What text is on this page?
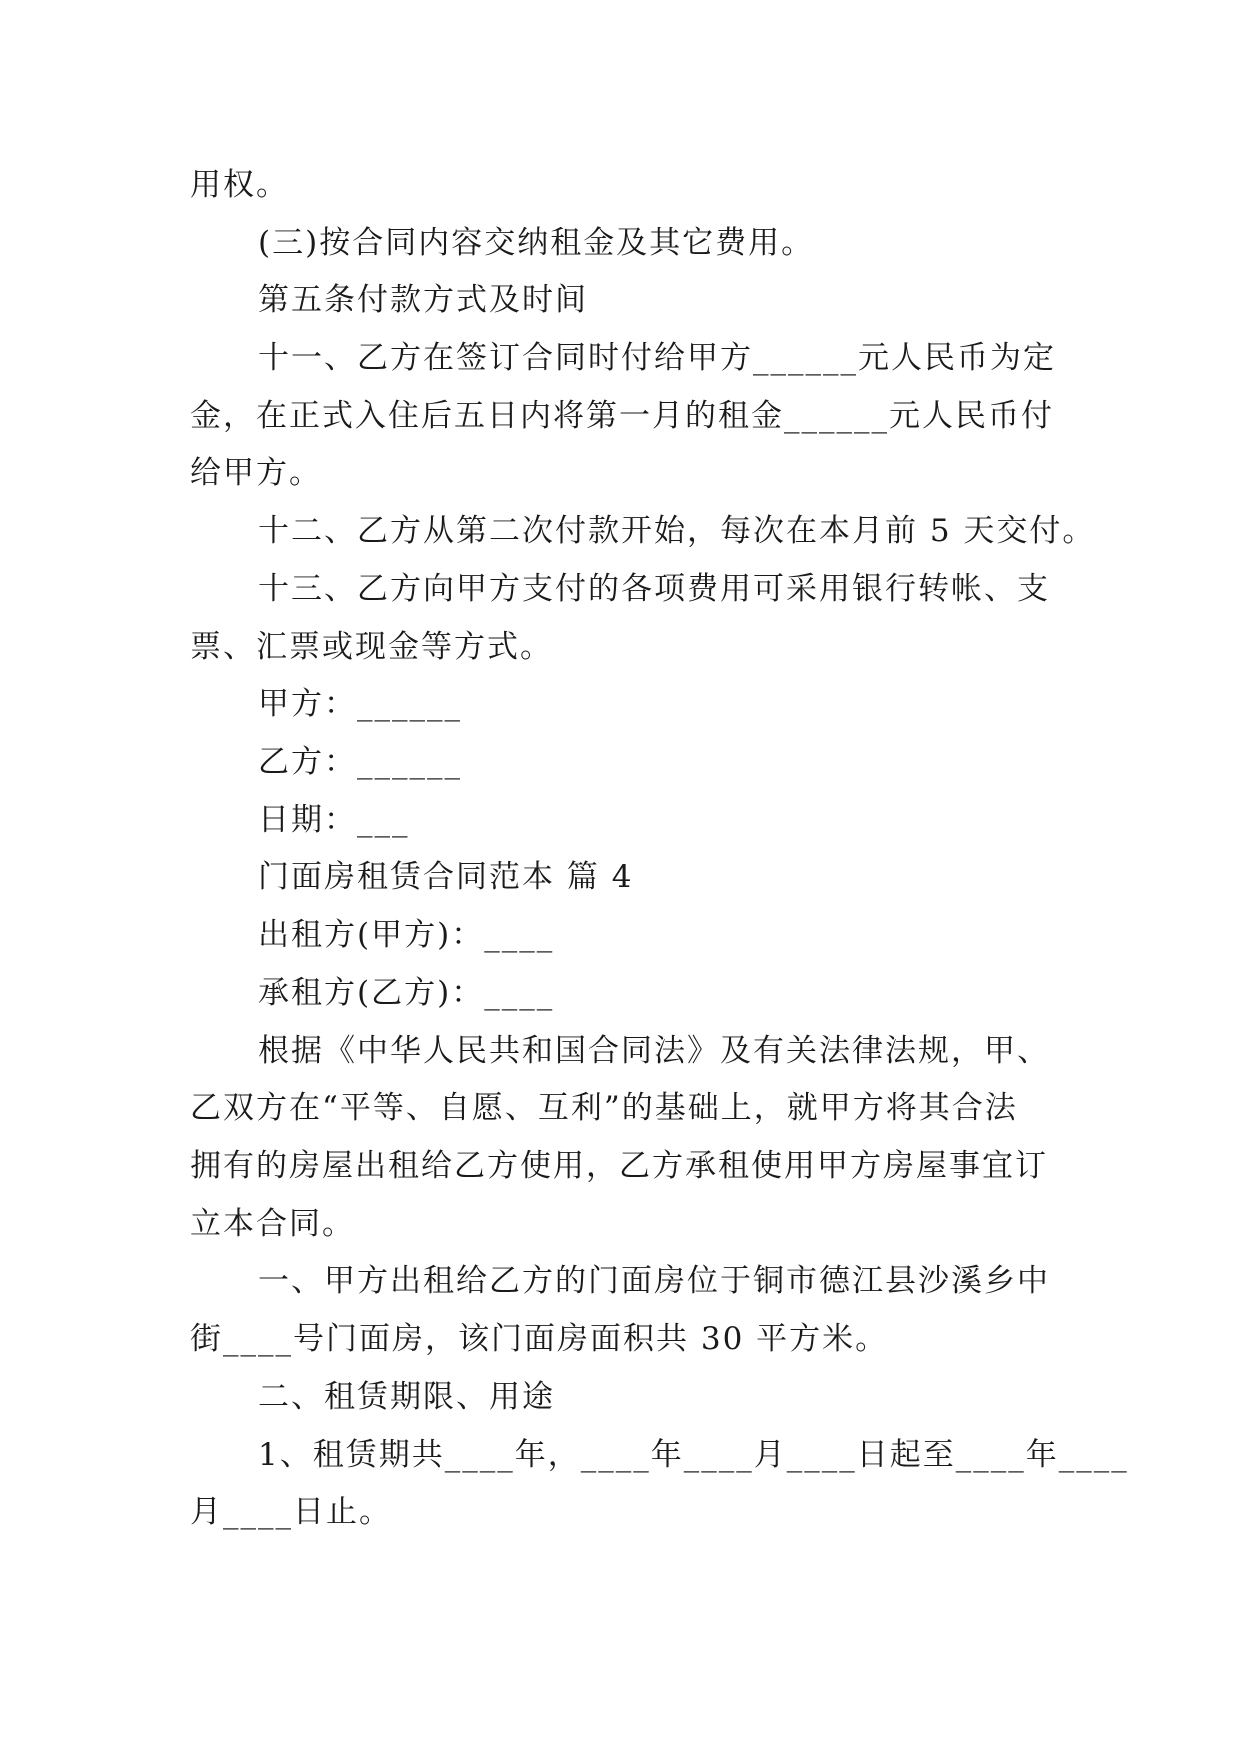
用权。
(三)按合同内容交纳租金及其它费用。
第五条付款方式及时间
十一、乙方在签订合同时付给甲方______元人民币为定
金，在正式入住后五日内将第一月的租金______元人民币付
给甲方。
十二、乙方从第二次付款开始，每次在本月前 5 天交付。
十三、乙方向甲方支付的各项费用可采用银行转帐、支
票、汇票或现金等方式。
甲方：______
乙方：______
日期：___
门面房租赁合同范本 篇 4
出租方(甲方)：____
承租方(乙方)：____
根据《中华人民共和国合同法》及有关法律法规，甲、
乙双方在“平等、自愿、互利”的基础上，就甲方将其合法
拥有的房屋出租给乙方使用，乙方承租使用甲方房屋事宜订
立本合同。
一、甲方出租给乙方的门面房位于铜市德江县沙溪乡中
街____号门面房，该门面房面积共 30 平方米。
二、租赁期限、用途
1、租赁期共____年，____年____月____日起至____年____
月____日止。
